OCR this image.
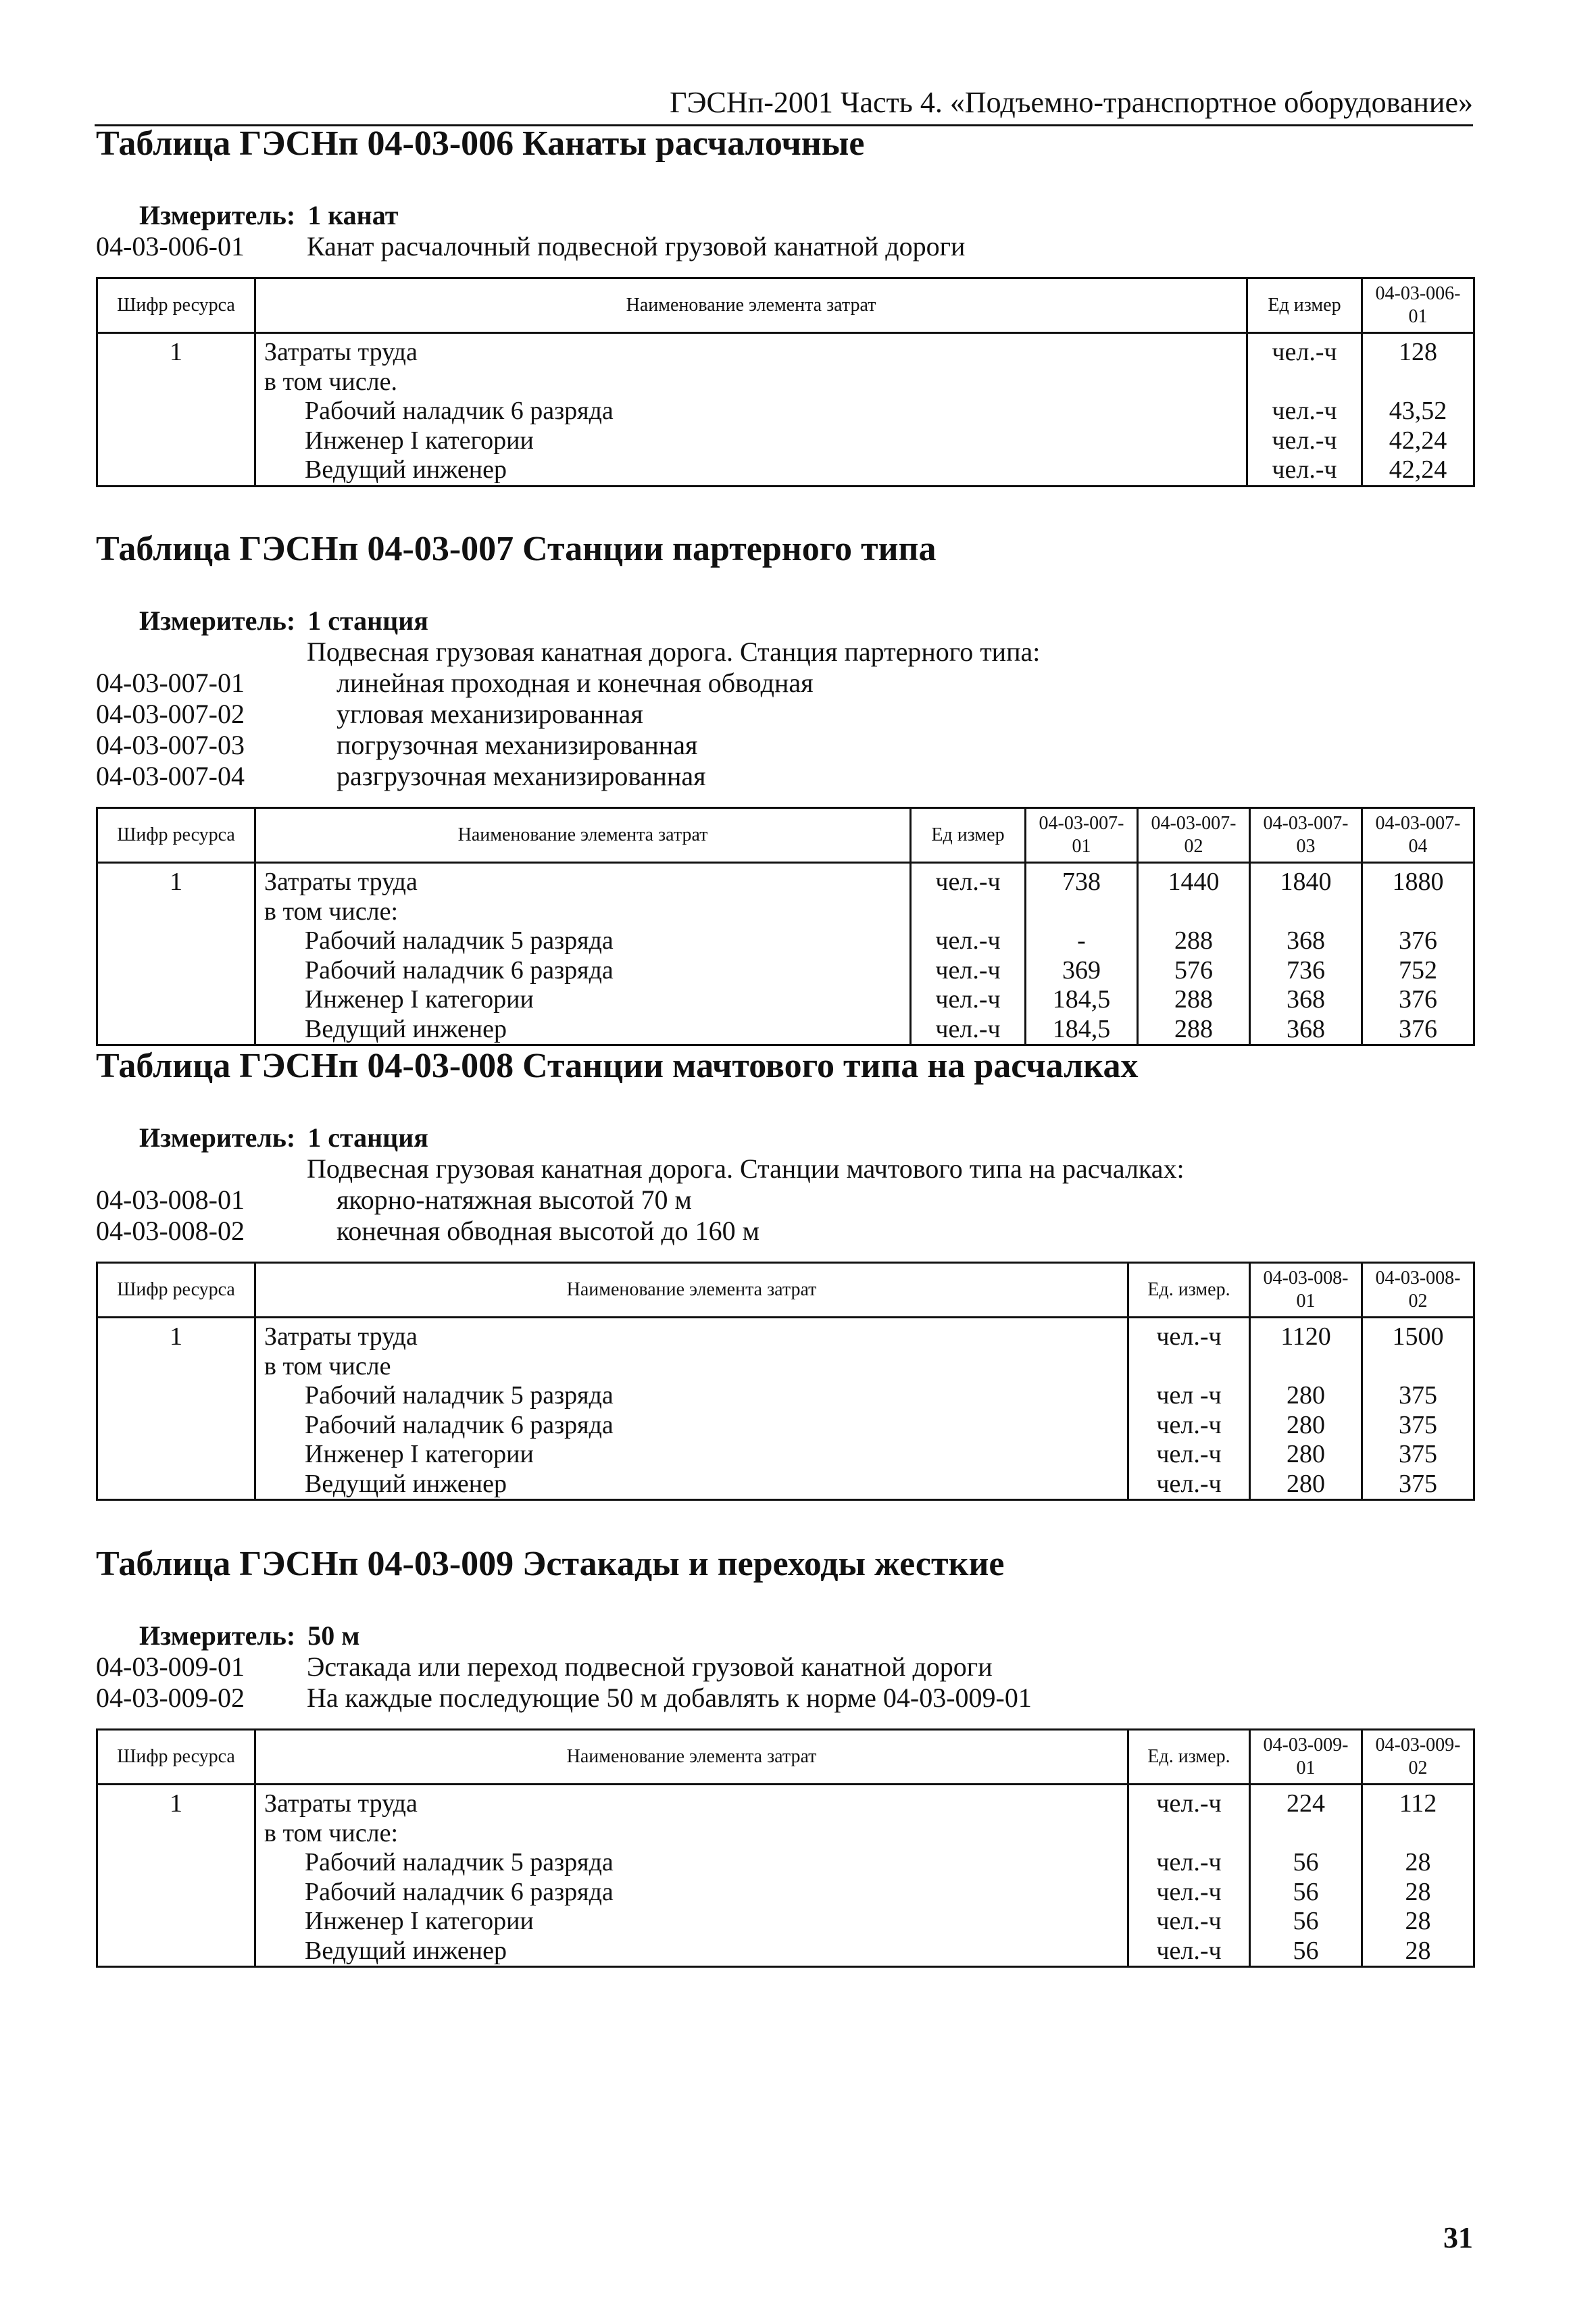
ГЭСНп-2001 Часть 4. «Подъемно-транспортное оборудование»
Таблица ГЭСНп 04-03-006 Канаты расчалочные
Измеритель: 1 канат
04-03-006-01	Канат расчалочный подвесной грузовой канатной дороги
Шифр ресурса	Наименование элемента затрат	Ед измер	04-03-006-01
1	Затраты труда	чел.-ч	128
	в том числе.		
	Рабочий наладчик 6 разряда	чел.-ч	43,52
	Инженер I категории	чел.-ч	42,24
	Ведущий инженер	чел.-ч	42,24
Таблица ГЭСНп 04-03-007 Станции партерного типа
Измеритель: 1 станция
Подвесная грузовая канатная дорога. Станция партерного типа:
04-03-007-01	линейная проходная и конечная обводная
04-03-007-02	угловая механизированная
04-03-007-03	погрузочная механизированная
04-03-007-04	разгрузочная механизированная
Шифр ресурса	Наименование элемента затрат	Ед измер	04-03-007-01	04-03-007-02	04-03-007-03	04-03-007-04
1	Затраты труда	чел.-ч	738	1440	1840	1880
	в том числе:					
	Рабочий наладчик 5 разряда	чел.-ч	-	288	368	376
	Рабочий наладчик 6 разряда	чел.-ч	369	576	736	752
	Инженер I категории	чел.-ч	184,5	288	368	376
	Ведущий инженер	чел.-ч	184,5	288	368	376
Таблица ГЭСНп 04-03-008 Станции мачтового типа на расчалках
Измеритель: 1 станция
Подвесная грузовая канатная дорога. Станции мачтового типа на расчалках:
04-03-008-01	якорно-натяжная высотой 70 м
04-03-008-02	конечная обводная высотой до 160 м
Шифр ресурса	Наименование элемента затрат	Ед. измер.	04-03-008-01	04-03-008-02
1	Затраты труда	чел.-ч	1120	1500
	в том числе			
	Рабочий наладчик 5 разряда	чел -ч	280	375
	Рабочий наладчик 6 разряда	чел.-ч	280	375
	Инженер I категории	чел.-ч	280	375
	Ведущий инженер	чел.-ч	280	375
Таблица ГЭСНп 04-03-009 Эстакады и переходы жесткие
Измеритель: 50 м
04-03-009-01	Эстакада или переход подвесной грузовой канатной дороги
04-03-009-02	На каждые последующие 50 м добавлять к норме 04-03-009-01
Шифр ресурса	Наименование элемента затрат	Ед. измер.	04-03-009-01	04-03-009-02
1	Затраты труда	чел.-ч	224	112
	в том числе:			
	Рабочий наладчик 5 разряда	чел.-ч	56	28
	Рабочий наладчик 6 разряда	чел.-ч	56	28
	Инженер I категории	чел.-ч	56	28
	Ведущий инженер	чел.-ч	56	28
31
